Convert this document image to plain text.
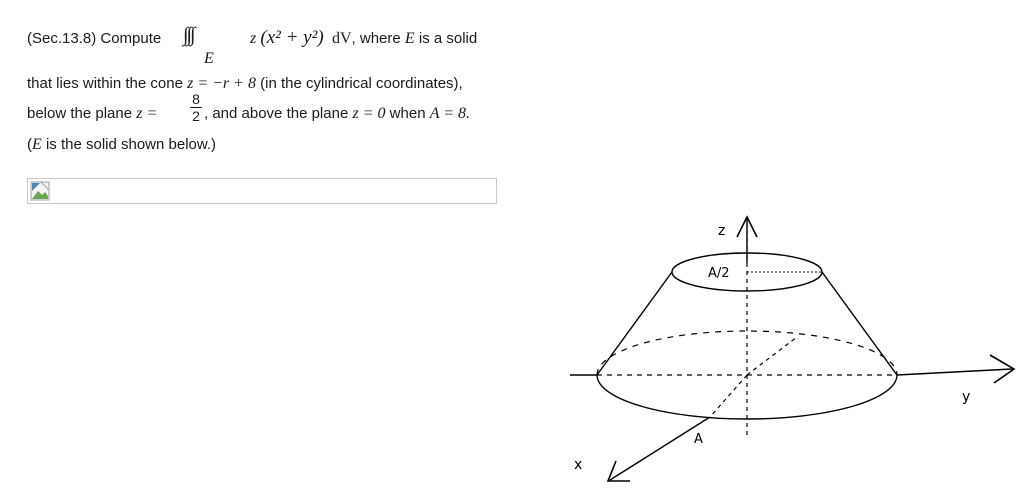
(Sec.13.8) Compute ∫∫∫
E
z (x² + y²) dV, where E is a solid
that lies within the cone z = −r + 8 (in the cylindrical coordinates),
below the plane z =
8
2 , and above the plane z = 0 when A = 8.
(E is the solid shown below.)
z
A/2
y
x
A
